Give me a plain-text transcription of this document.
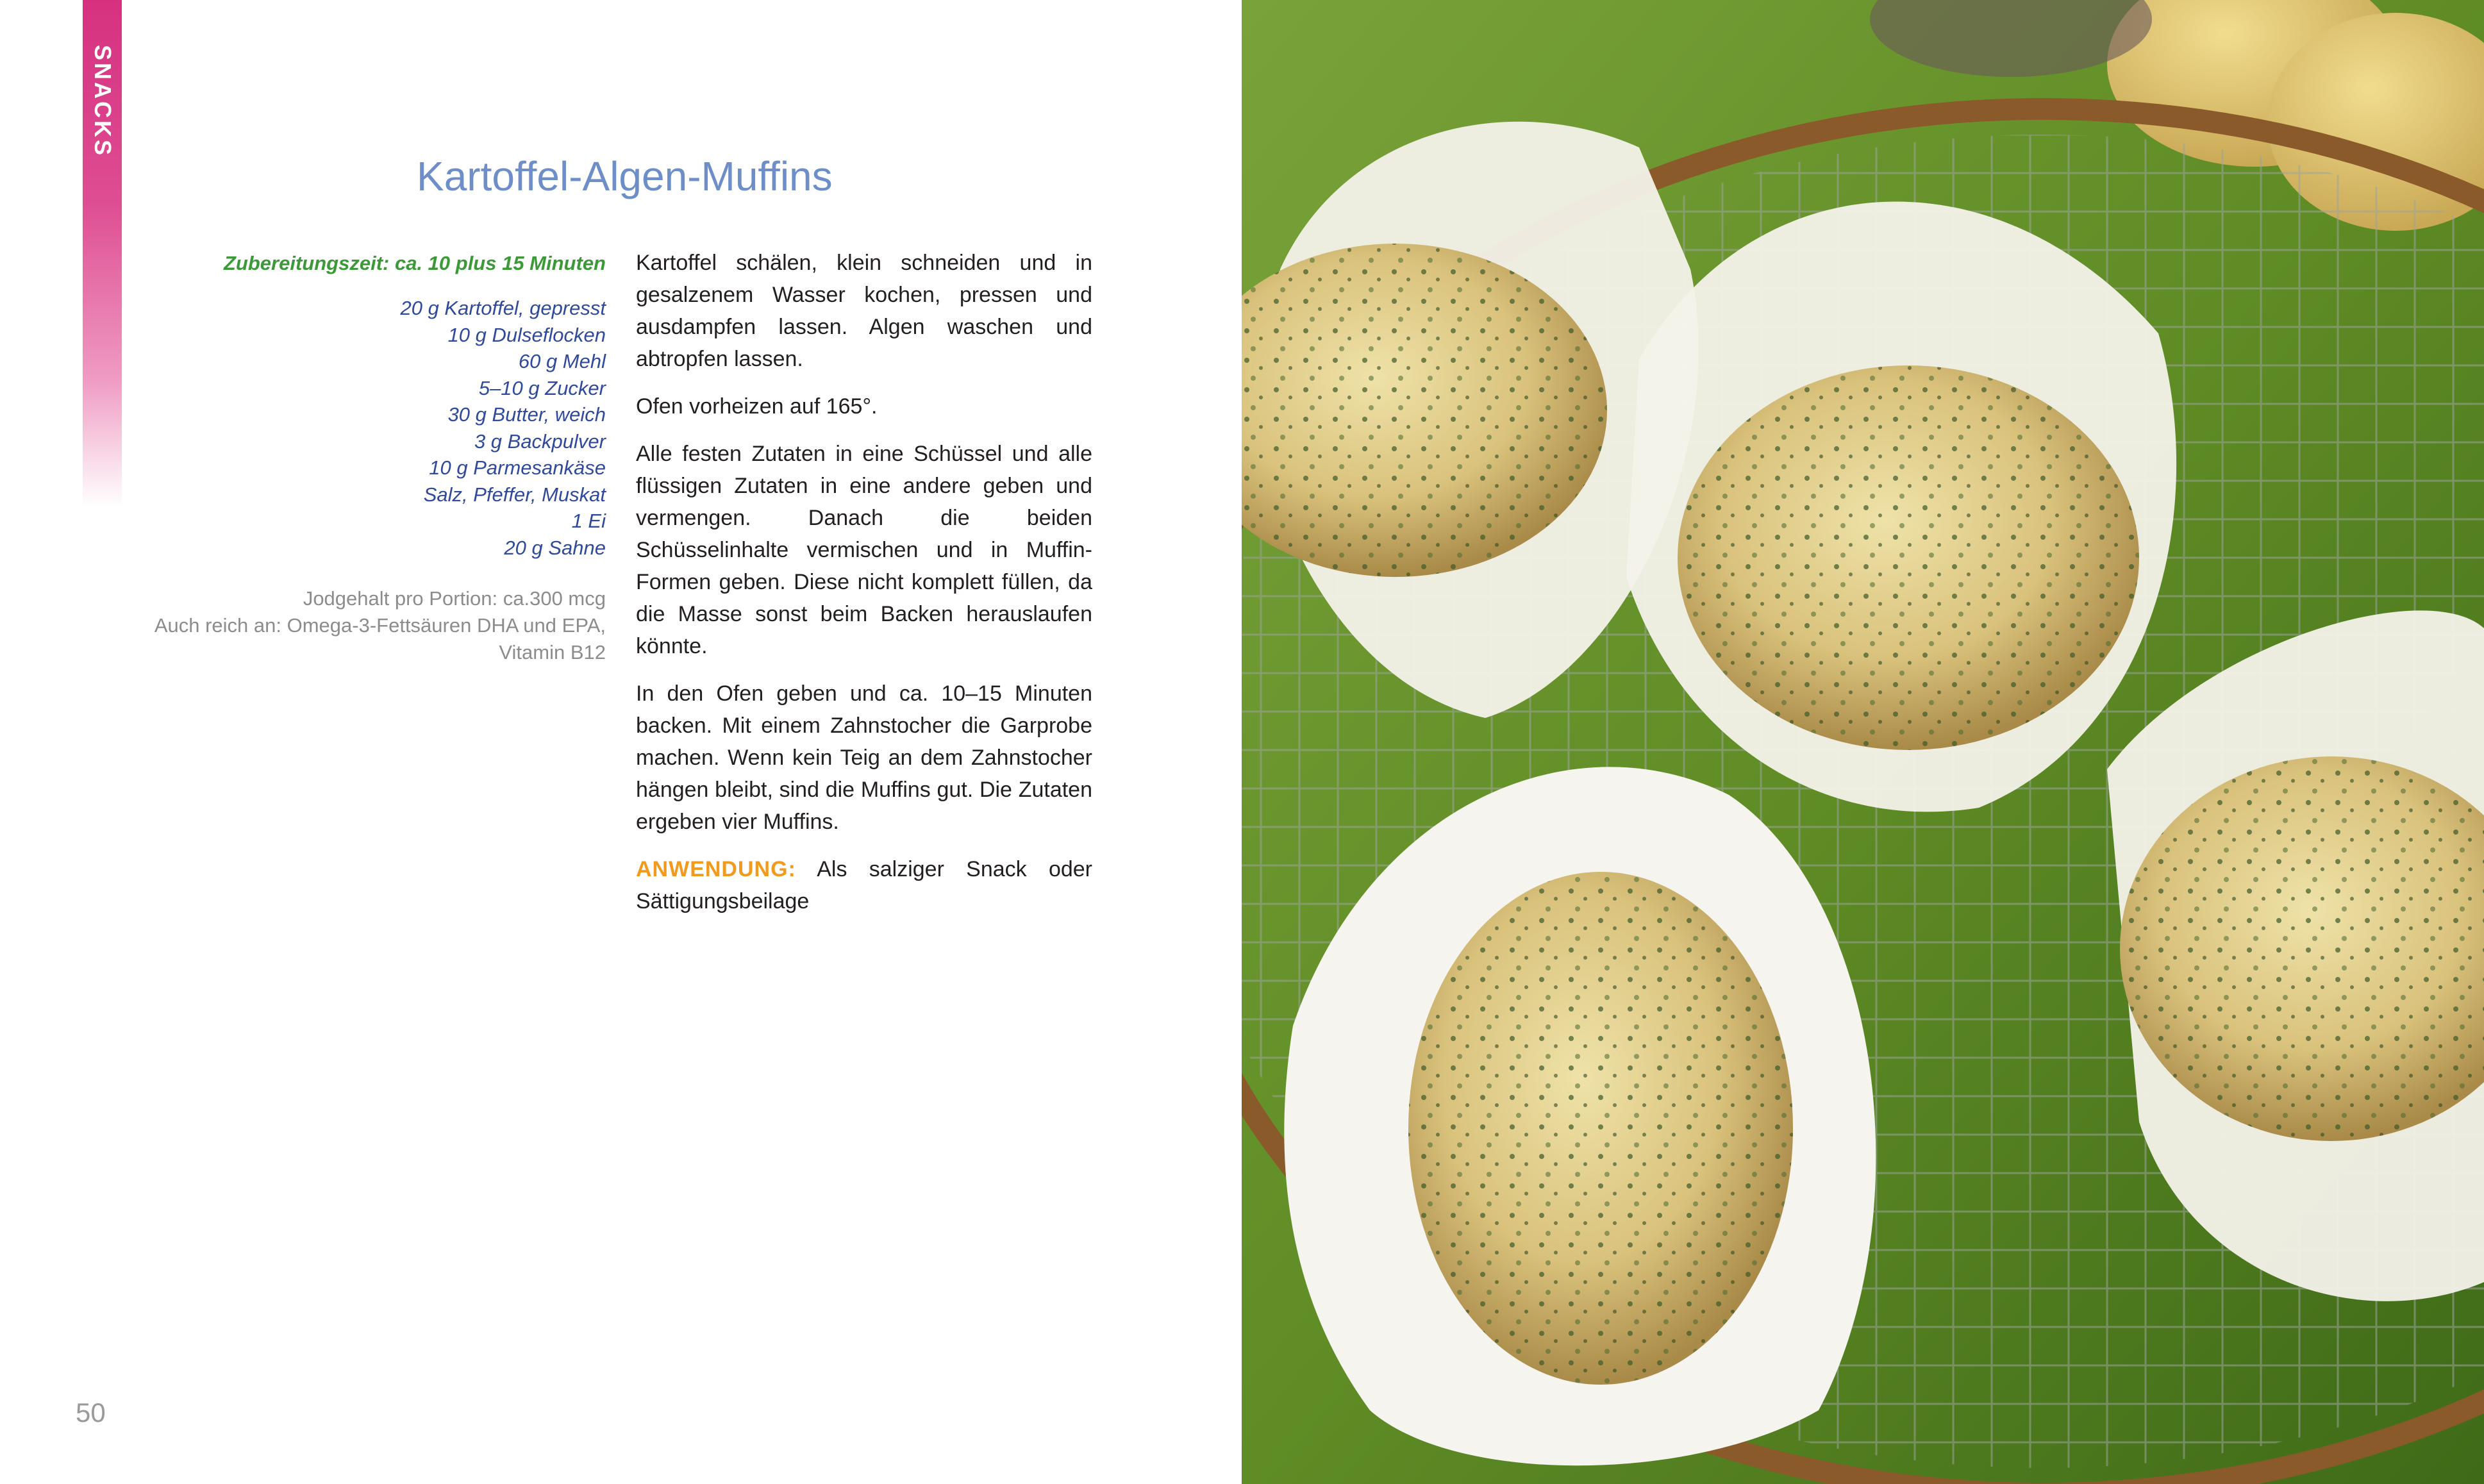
SNACKS
Kartoffel-Algen-Muffins

Zubereitungszeit: ca. 10 plus 15 Minuten

20 g Kartoffel, gepresst
10 g Dulseflocken
60 g Mehl
5–10 g Zucker
30 g Butter, weich
3 g Backpulver
10 g Parmesankäse
Salz, Pfeffer, Muskat
1 Ei
20 g Sahne

Jodgehalt pro Portion: ca.300 mcg

Auch reich an: Omega-3-Fettsäuren DHA und EPA, Vitamin B12

Kartoffel schälen, klein schneiden und in gesalzenem Wasser kochen, pressen und ausdampfen lassen. Algen waschen und abtropfen lassen.

Ofen vorheizen auf 165°.

Alle festen Zutaten in eine Schüssel und alle flüssigen Zutaten in eine andere geben und vermengen. Danach die beiden Schüsselinhalte vermischen und in Muffin-Formen geben. Diese nicht komplett füllen, da die Masse sonst beim Backen herauslaufen könnte.

In den Ofen geben und ca. 10–15 Minuten backen. Mit einem Zahnstocher die Garprobe machen. Wenn kein Teig an dem Zahnstocher hängen bleibt, sind die Muffins gut. Die Zutaten ergeben vier Muffins.

ANWENDUNG: Als salziger Snack oder Sättigungsbeilage

50
